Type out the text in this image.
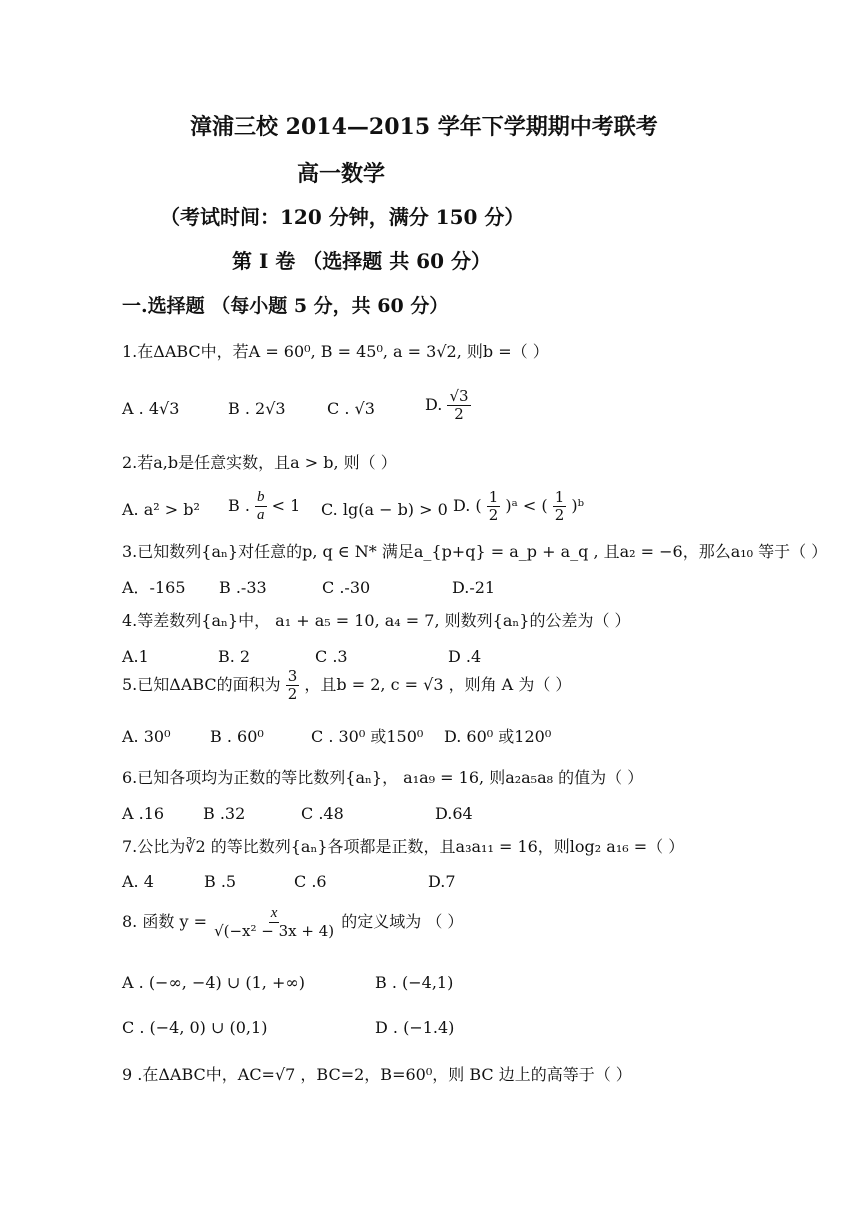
漳浦三校 2014—2015 学年下学期期中考联考
高一数学
（考试时间：120 分钟，满分 150 分）
第 I 卷 （选择题 共 60 分）
一.选择题 （每小题 5 分，共 60 分）
1.在ΔABC中，若A = 60⁰, B = 45⁰, a = 3√2, 则b =（ ）
A . 4√3	B . 2√3	C . √3	D. $\frac{√3}{2}$
2.若a,b是任意实数，且a > b, 则（ ）
A. a² > b² B . $\frac{b}{a} < 1$ C. lg(a − b) > 0 D. ( $\frac{1}{2}$ )ᵃ < ( $\frac{1}{2}$ )ᵇ
3.已知数列{aₙ}对任意的p, q ∈ N* 满足a_{p+q} = a_p + a_q , 且a₂ = −6，那么a₁₀ 等于（ ）
A．-165 B .-33	C .-30	D.-21
4.等差数列{aₙ}中， a₁ + a₅ = 10, a₄ = 7, 则数列{aₙ}的公差为（ ）
A.1	B. 2	C .3	D .4
5.已知ΔABC的面积为 $\frac{3}{2}$ ，且b = 2, c = √3 ，则角 A 为（ ）
A. 30⁰ B . 60⁰	C . 30⁰ 或150⁰ D. 60⁰ 或120⁰
6.已知各项均为正数的等比数列{aₙ}， a₁a₉ = 16, 则a₂a₅a₈ 的值为（ ）
A .16 B .32	C .48	D.64
7.公比为∛2 的等比数列{aₙ}各项都是正数，且a₃a₁₁ = 16，则log₂ a₁₆ =（ ）
A. 4	B .5	C .6	D.7
8. 函数 $y = \frac{x}{\text{√(−x² − 3x + 4)}}$ 的定义域为 （ ）
A . (−∞, −4) ∪ (1, +∞)	B . (−4,1)
C . (−4, 0) ∪ (0,1)	D . (−1.4)
9 .在ΔABC中，AC=√7 ，BC=2，B=60⁰，则 BC 边上的高等于（ ）
